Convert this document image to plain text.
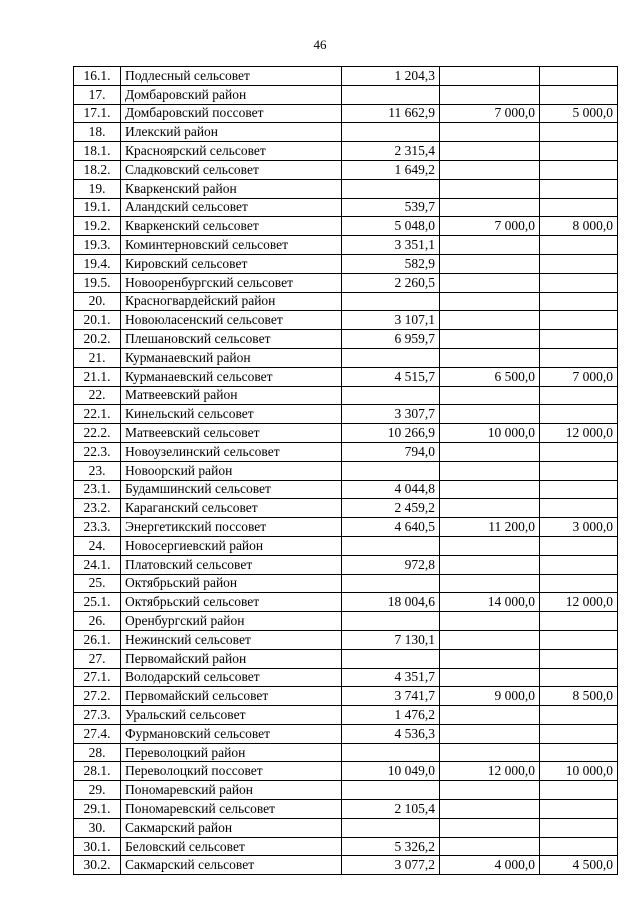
46
16.1.	Подлесный сельсовет	1 204,3		
17.	Домбаровский район			
17.1.	Домбаровский поссовет	11 662,9	7 000,0	5 000,0
18.	Илекский район			
18.1.	Красноярский сельсовет	2 315,4		
18.2.	Сладковский сельсовет	1 649,2		
19.	Кваркенский район			
19.1.	Аландский сельсовет	539,7		
19.2.	Кваркенский сельсовет	5 048,0	7 000,0	8 000,0
19.3.	Коминтерновский сельсовет	3 351,1		
19.4.	Кировский сельсовет	582,9		
19.5.	Новооренбургский сельсовет	2 260,5		
20.	Красногвардейский район			
20.1.	Новоюласенский сельсовет	3 107,1		
20.2.	Плешановский сельсовет	6 959,7		
21.	Курманаевский район			
21.1.	Курманаевский сельсовет	4 515,7	6 500,0	7 000,0
22.	Матвеевский район			
22.1.	Кинельский сельсовет	3 307,7		
22.2.	Матвеевский сельсовет	10 266,9	10 000,0	12 000,0
22.3.	Новоузелинский сельсовет	794,0		
23.	Новоорский район			
23.1.	Будамшинский сельсовет	4 044,8		
23.2.	Караганский сельсовет	2 459,2		
23.3.	Энергетикский поссовет	4 640,5	11 200,0	3 000,0
24.	Новосергиевский район			
24.1.	Платовский сельсовет	972,8		
25.	Октябрьский район			
25.1.	Октябрьский сельсовет	18 004,6	14 000,0	12 000,0
26.	Оренбургский район			
26.1.	Нежинский сельсовет	7 130,1		
27.	Первомайский район			
27.1.	Володарский сельсовет	4 351,7		
27.2.	Первомайский сельсовет	3 741,7	9 000,0	8 500,0
27.3.	Уральский сельсовет	1 476,2		
27.4.	Фурмановский сельсовет	4 536,3		
28.	Переволоцкий район			
28.1.	Переволоцкий поссовет	10 049,0	12 000,0	10 000,0
29.	Пономаревский район			
29.1.	Пономаревский сельсовет	2 105,4		
30.	Сакмарский район			
30.1.	Беловский сельсовет	5 326,2		
30.2.	Сакмарский сельсовет	3 077,2	4 000,0	4 500,0
